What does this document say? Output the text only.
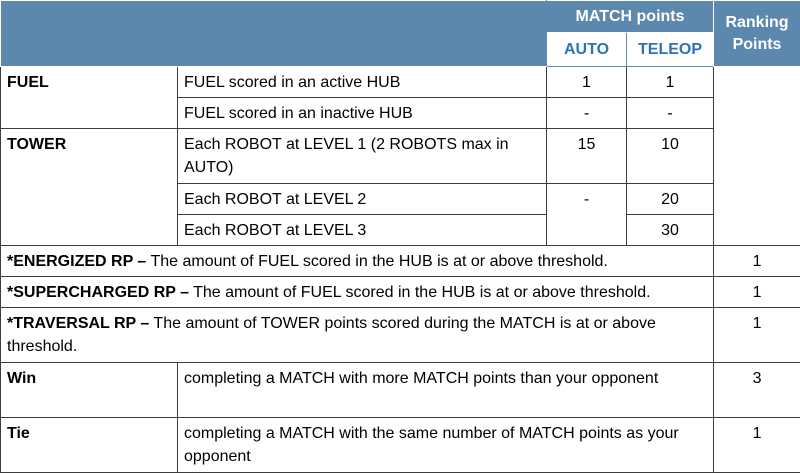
		MATCH points		Ranking Points
		AUTO	TELEOP	
FUEL	FUEL scored in an active HUB	1	1	
	FUEL scored in an inactive HUB	-	-	
TOWER	Each ROBOT at LEVEL 1 (2 ROBOTS max in AUTO)	15	10	
	Each ROBOT at LEVEL 2	-	20	
	Each ROBOT at LEVEL 3		30	
*ENERGIZED RP – The amount of FUEL scored in the HUB is at or above threshold.				1
*SUPERCHARGED RP – The amount of FUEL scored in the HUB is at or above threshold.				1
*TRAVERSAL RP – The amount of TOWER points scored during the MATCH is at or above threshold.				1
Win	completing a MATCH with more MATCH points than your opponent			3
Tie	completing a MATCH with the same number of MATCH points as your opponent			1
